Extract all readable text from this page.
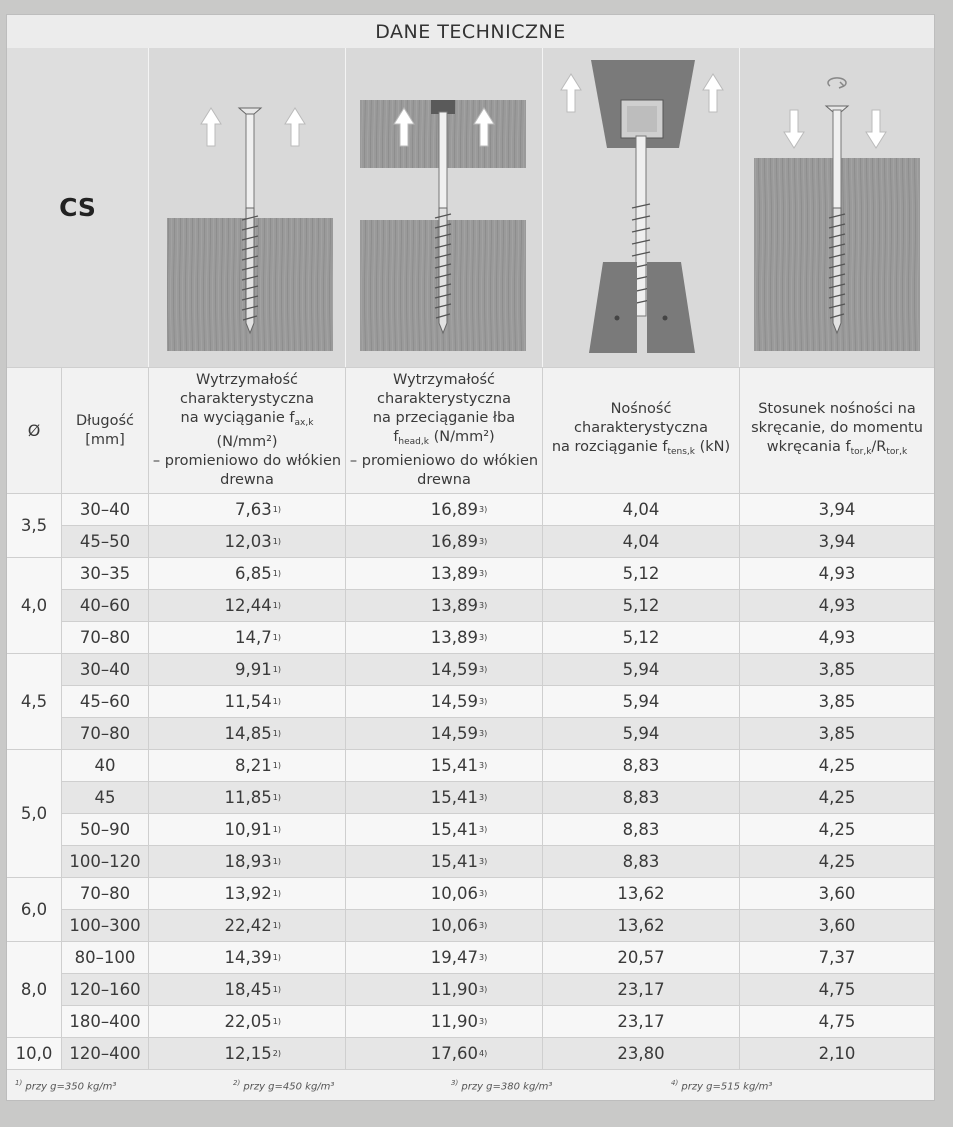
DANE TECHNICZNE
CS
Ø
Długość
[mm]
Wytrzymałość
charakterystyczna
na wyciąganie $f_{ax,k}$ (N/mm²)
– promieniowo do włókien
drewna
Wytrzymałość
charakterystyczna
na przeciąganie łba
$f_{head,k}$ (N/mm²)
– promieniowo do włókien
drewna
Nośność charakterystyczna
na rozciąganie $f_{tens,k}$ (kN)
Stosunek nośności na
skręcanie, do momentu
wkręcania $f_{tor,k}/R_{tor,k}$
3,5
30–40	7,63 1)	16,89 3)	4,04	3,94
45–50	12,03 1)	16,89 3)	4,04	3,94
4,0
30–35	6,85 1)	13,89 3)	5,12	4,93
40–60	12,44 1)	13,89 3)	5,12	4,93
70–80	14,7 1)	13,89 3)	5,12	4,93
4,5
30–40	9,91 1)	14,59 3)	5,94	3,85
45–60	11,54 1)	14,59 3)	5,94	3,85
70–80	14,85 1)	14,59 3)	5,94	3,85
5,0
40	8,21 1)	15,41 3)	8,83	4,25
45	11,85 1)	15,41 3)	8,83	4,25
50–90	10,91 1)	15,41 3)	8,83	4,25
100–120	18,93 1)	15,41 3)	8,83	4,25
6,0
70–80	13,92 1)	10,06 3)	13,62	3,60
100–300	22,42 1)	10,06 3)	13,62	3,60
8,0
80–100	14,39 1)	19,47 3)	20,57	7,37
120–160	18,45 1)	11,90 3)	23,17	4,75
180–400	22,05 1)	11,90 3)	23,17	4,75
10,0	120–400	12,15 2)	17,60 4)	23,80	2,10
$^{1)}$ przy g=350 kg/m³	$^{2)}$ przy g=450 kg/m³	$^{3)}$ przy g=380 kg/m³	$^{4)}$ przy g=515 kg/m³
